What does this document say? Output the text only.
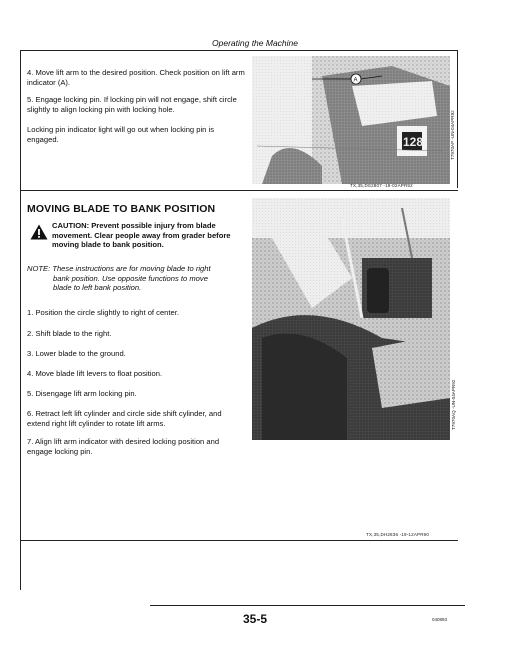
Operating the Machine
4. Move lift arm to the desired position. Check position on lift arm indicator (A).
5. Engage locking pin. If locking pin will not engage, shift circle slightly to align locking pin with locking hole.
Locking pin indicator light will go out when locking pin is engaged.	128
A
TX,35,DS2807 -19-02APR92
T7970AP -UN-04APR92
MOVING BLADE TO BANK POSITION
CAUTION: Prevent possible injury from blade movement. Clear people away from grader before moving blade to bank position.
NOTE: These instructions are for moving blade to right
bank position. Use opposite functions to move
blade to left bank position.
1. Position the circle slightly to right of center.
2. Shift blade to the right.
3. Lower blade to the ground.
4. Move blade lift levers to float position.
5. Disengage lift arm locking pin.
6. Retract left lift cylinder and circle side shift cylinder, and extend right lift cylinder to rotate lift arms.
7. Align lift arm indicator with desired locking position and engage locking pin.
T7970AQ -UN-04APR92
TX,35,DH2836 -19-12APR90
35-5	040893
